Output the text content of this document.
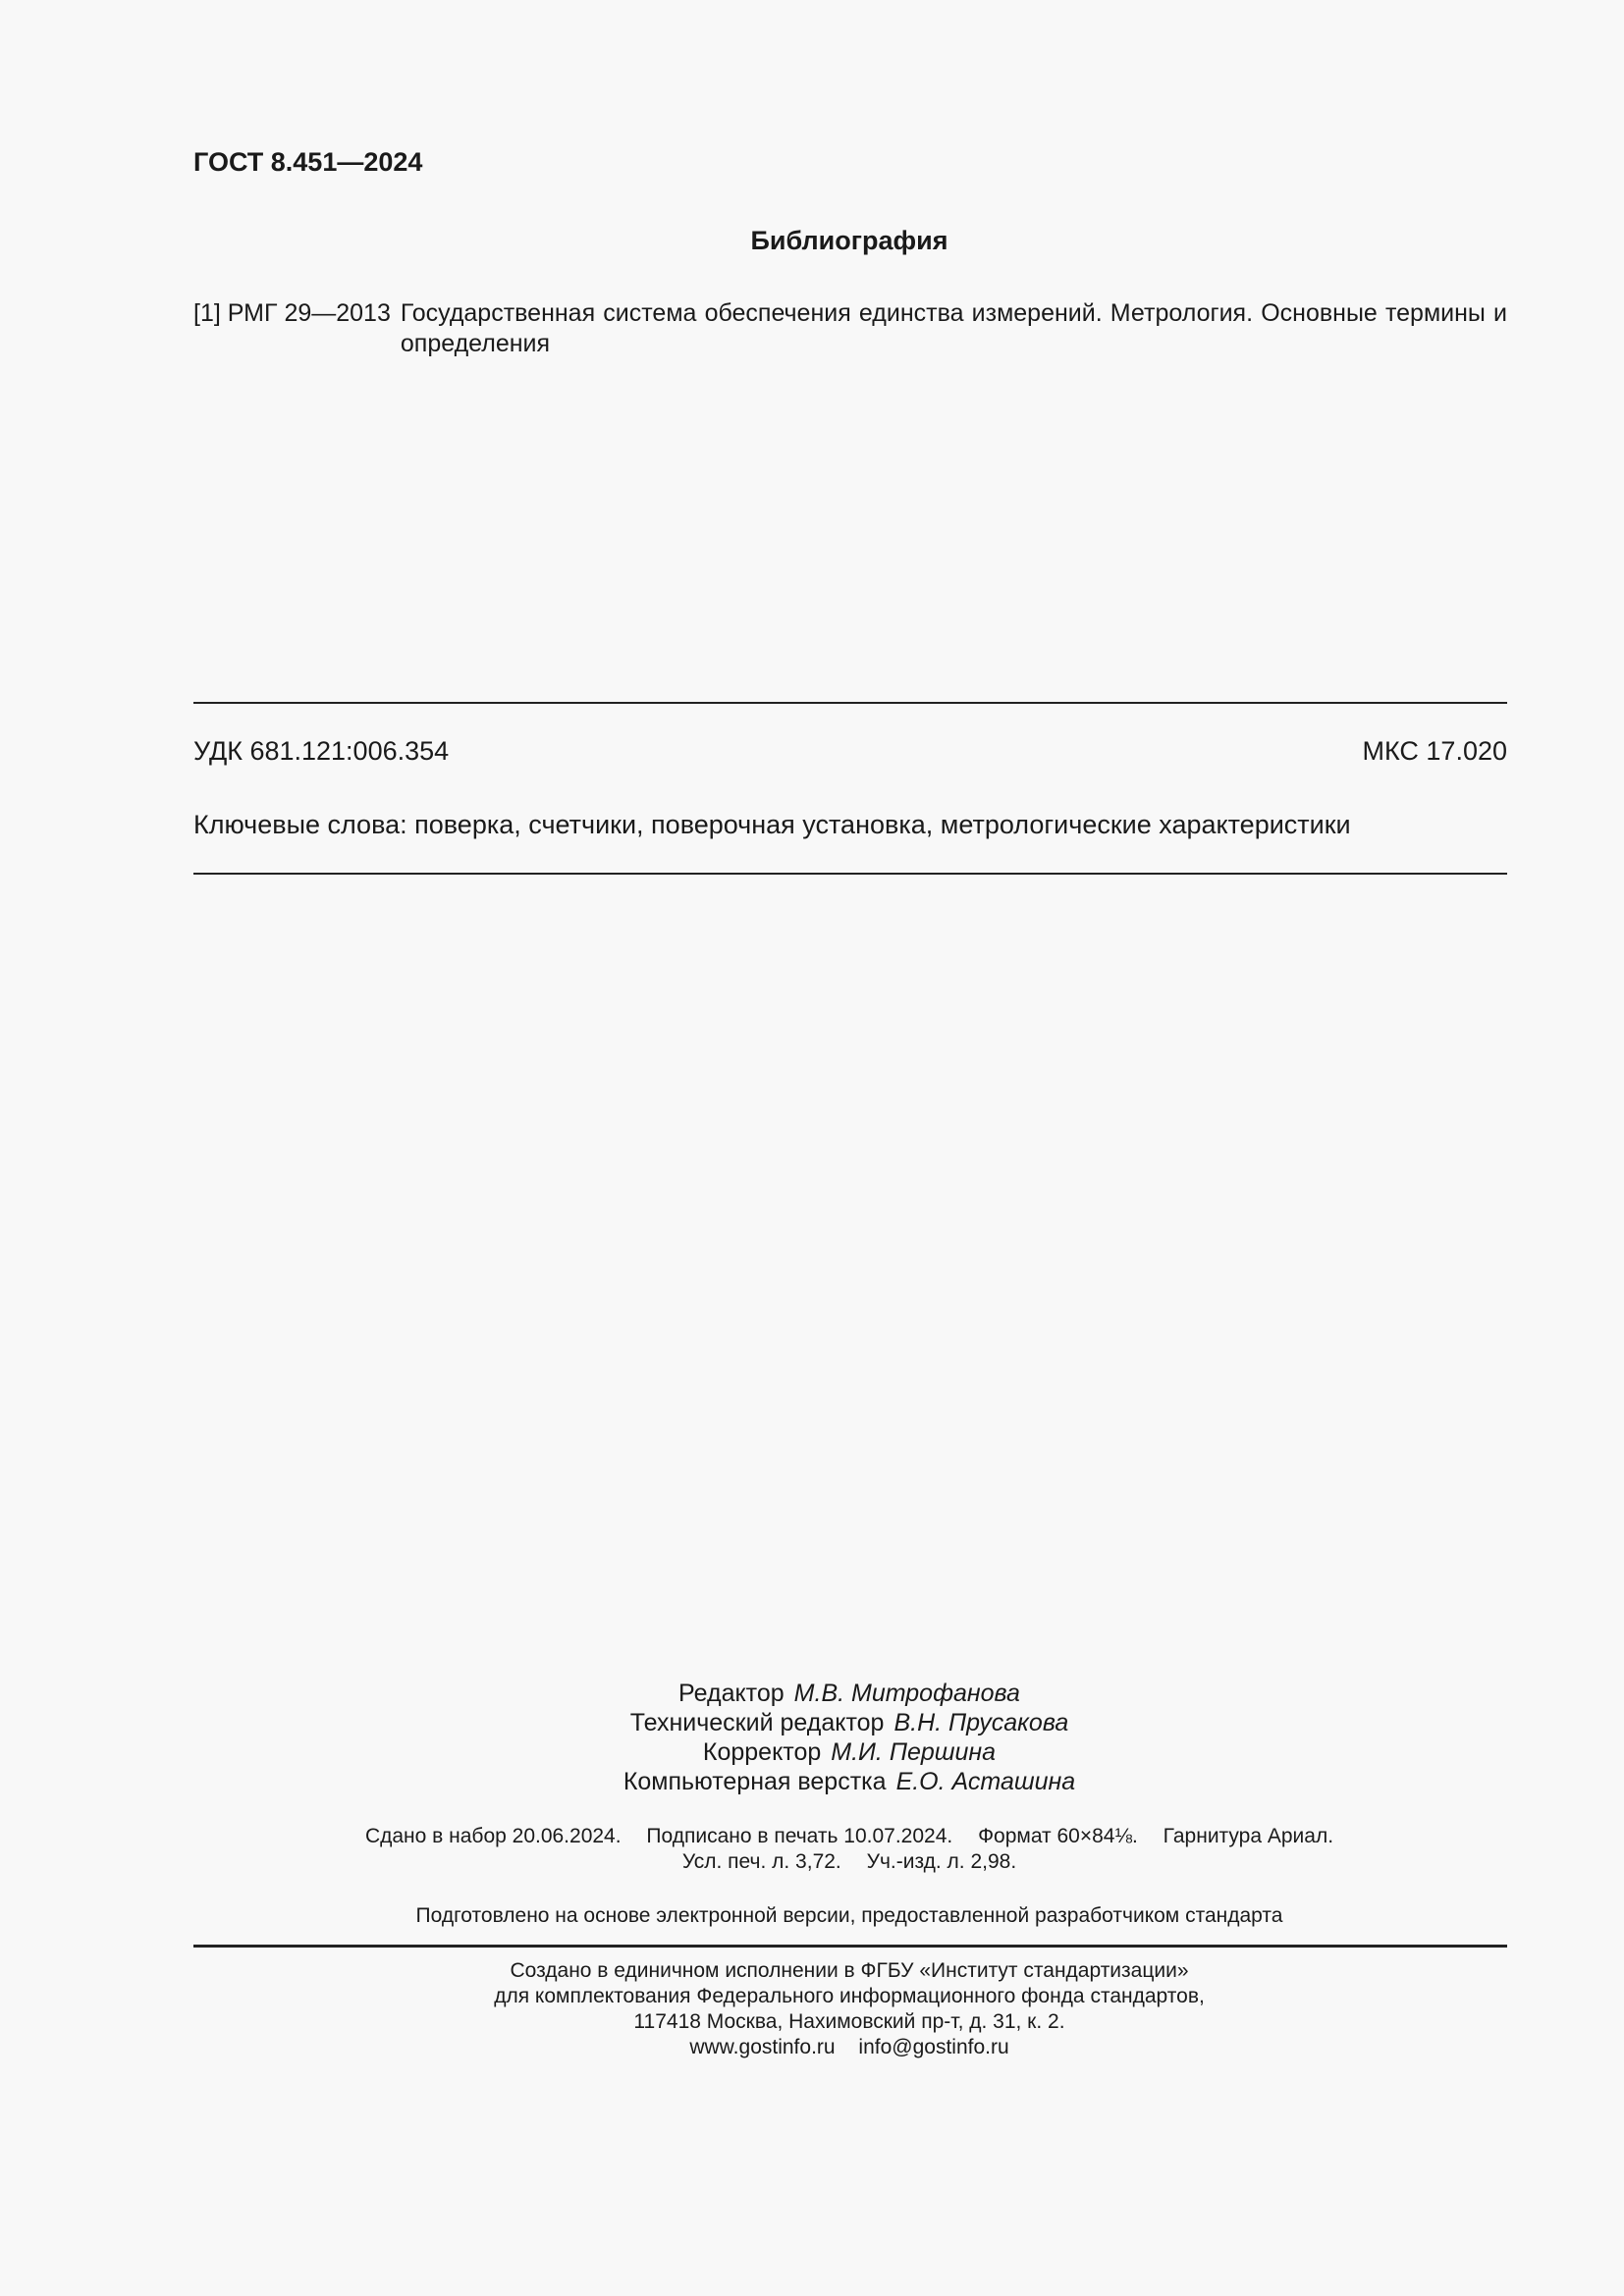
ГОСТ 8.451—2024
Библиография
[1] РМГ 29—2013 Государственная система обеспечения единства измерений. Метрология. Основные термины и определения
УДК 681.121:006.354	МКС 17.020
Ключевые слова: поверка, счетчики, поверочная установка, метрологические характеристики
Редактор М.В. Митрофанова
Технический редактор В.Н. Прусакова
Корректор М.И. Першина
Компьютерная верстка Е.О. Асташина
Сдано в набор 20.06.2024. Подписано в печать 10.07.2024. Формат 60×84⅛. Гарнитура Ариал.
Усл. печ. л. 3,72. Уч.-изд. л. 2,98.
Подготовлено на основе электронной версии, предоставленной разработчиком стандарта
Создано в единичном исполнении в ФГБУ «Институт стандартизации»
для комплектования Федерального информационного фонда стандартов,
117418 Москва, Нахимовский пр-т, д. 31, к. 2.
www.gostinfo.ru info@gostinfo.ru
